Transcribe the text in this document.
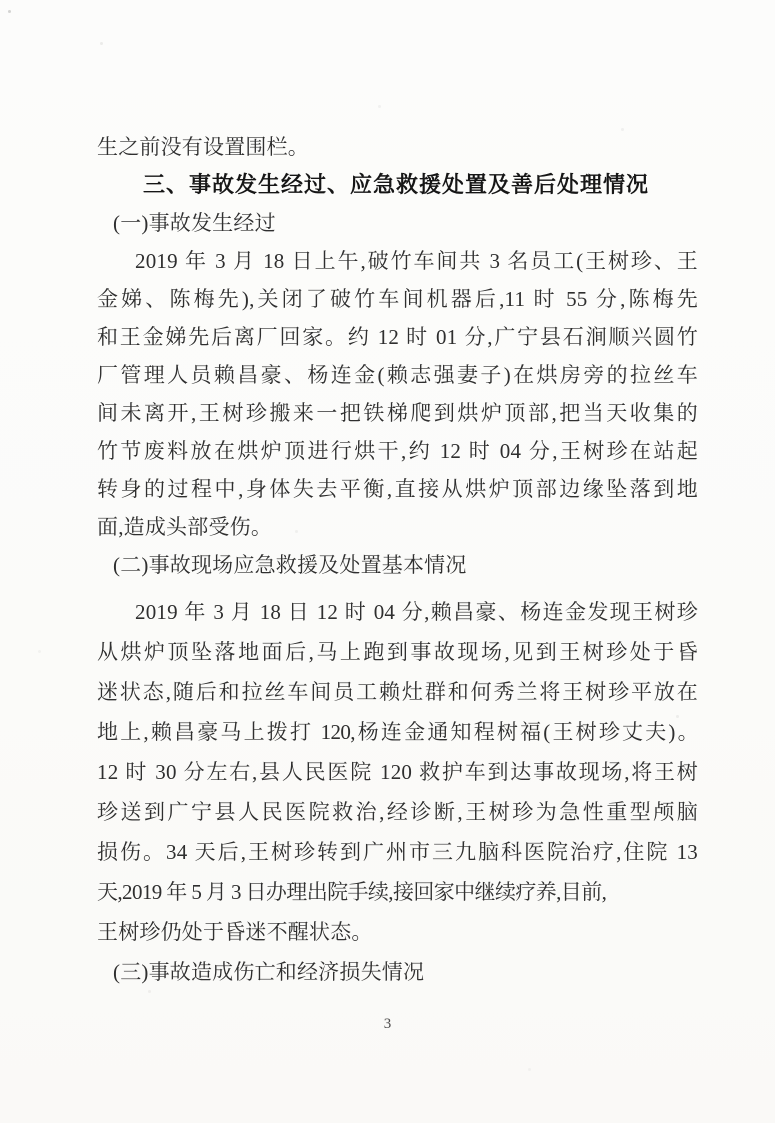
生之前没有设置围栏。
三、事故发生经过、应急救援处置及善后处理情况
(一)事故发生经过
2019 年 3 月 18 日上午,破竹车间共 3 名员工(王树珍、王
金娣、陈梅先),关闭了破竹车间机器后,11 时 55 分,陈梅先
和王金娣先后离厂回家。约 12 时 01 分,广宁县石涧顺兴圆竹
厂管理人员赖昌豪、杨连金(赖志强妻子)在烘房旁的拉丝车
间未离开,王树珍搬来一把铁梯爬到烘炉顶部,把当天收集的
竹节废料放在烘炉顶进行烘干,约 12 时 04 分,王树珍在站起
转身的过程中,身体失去平衡,直接从烘炉顶部边缘坠落到地
面,造成头部受伤。
(二)事故现场应急救援及处置基本情况
2019 年 3 月 18 日 12 时 04 分,赖昌豪、杨连金发现王树珍
从烘炉顶坠落地面后,马上跑到事故现场,见到王树珍处于昏
迷状态,随后和拉丝车间员工赖灶群和何秀兰将王树珍平放在
地上,赖昌豪马上拨打 120,杨连金通知程树福(王树珍丈夫)。
12 时 30 分左右,县人民医院 120 救护车到达事故现场,将王树
珍送到广宁县人民医院救治,经诊断,王树珍为急性重型颅脑
损伤。34 天后,王树珍转到广州市三九脑科医院治疗,住院 13
天,2019 年 5 月 3 日办理出院手续,接回家中继续疗养,目前,
王树珍仍处于昏迷不醒状态。
(三)事故造成伤亡和经济损失情况
3
